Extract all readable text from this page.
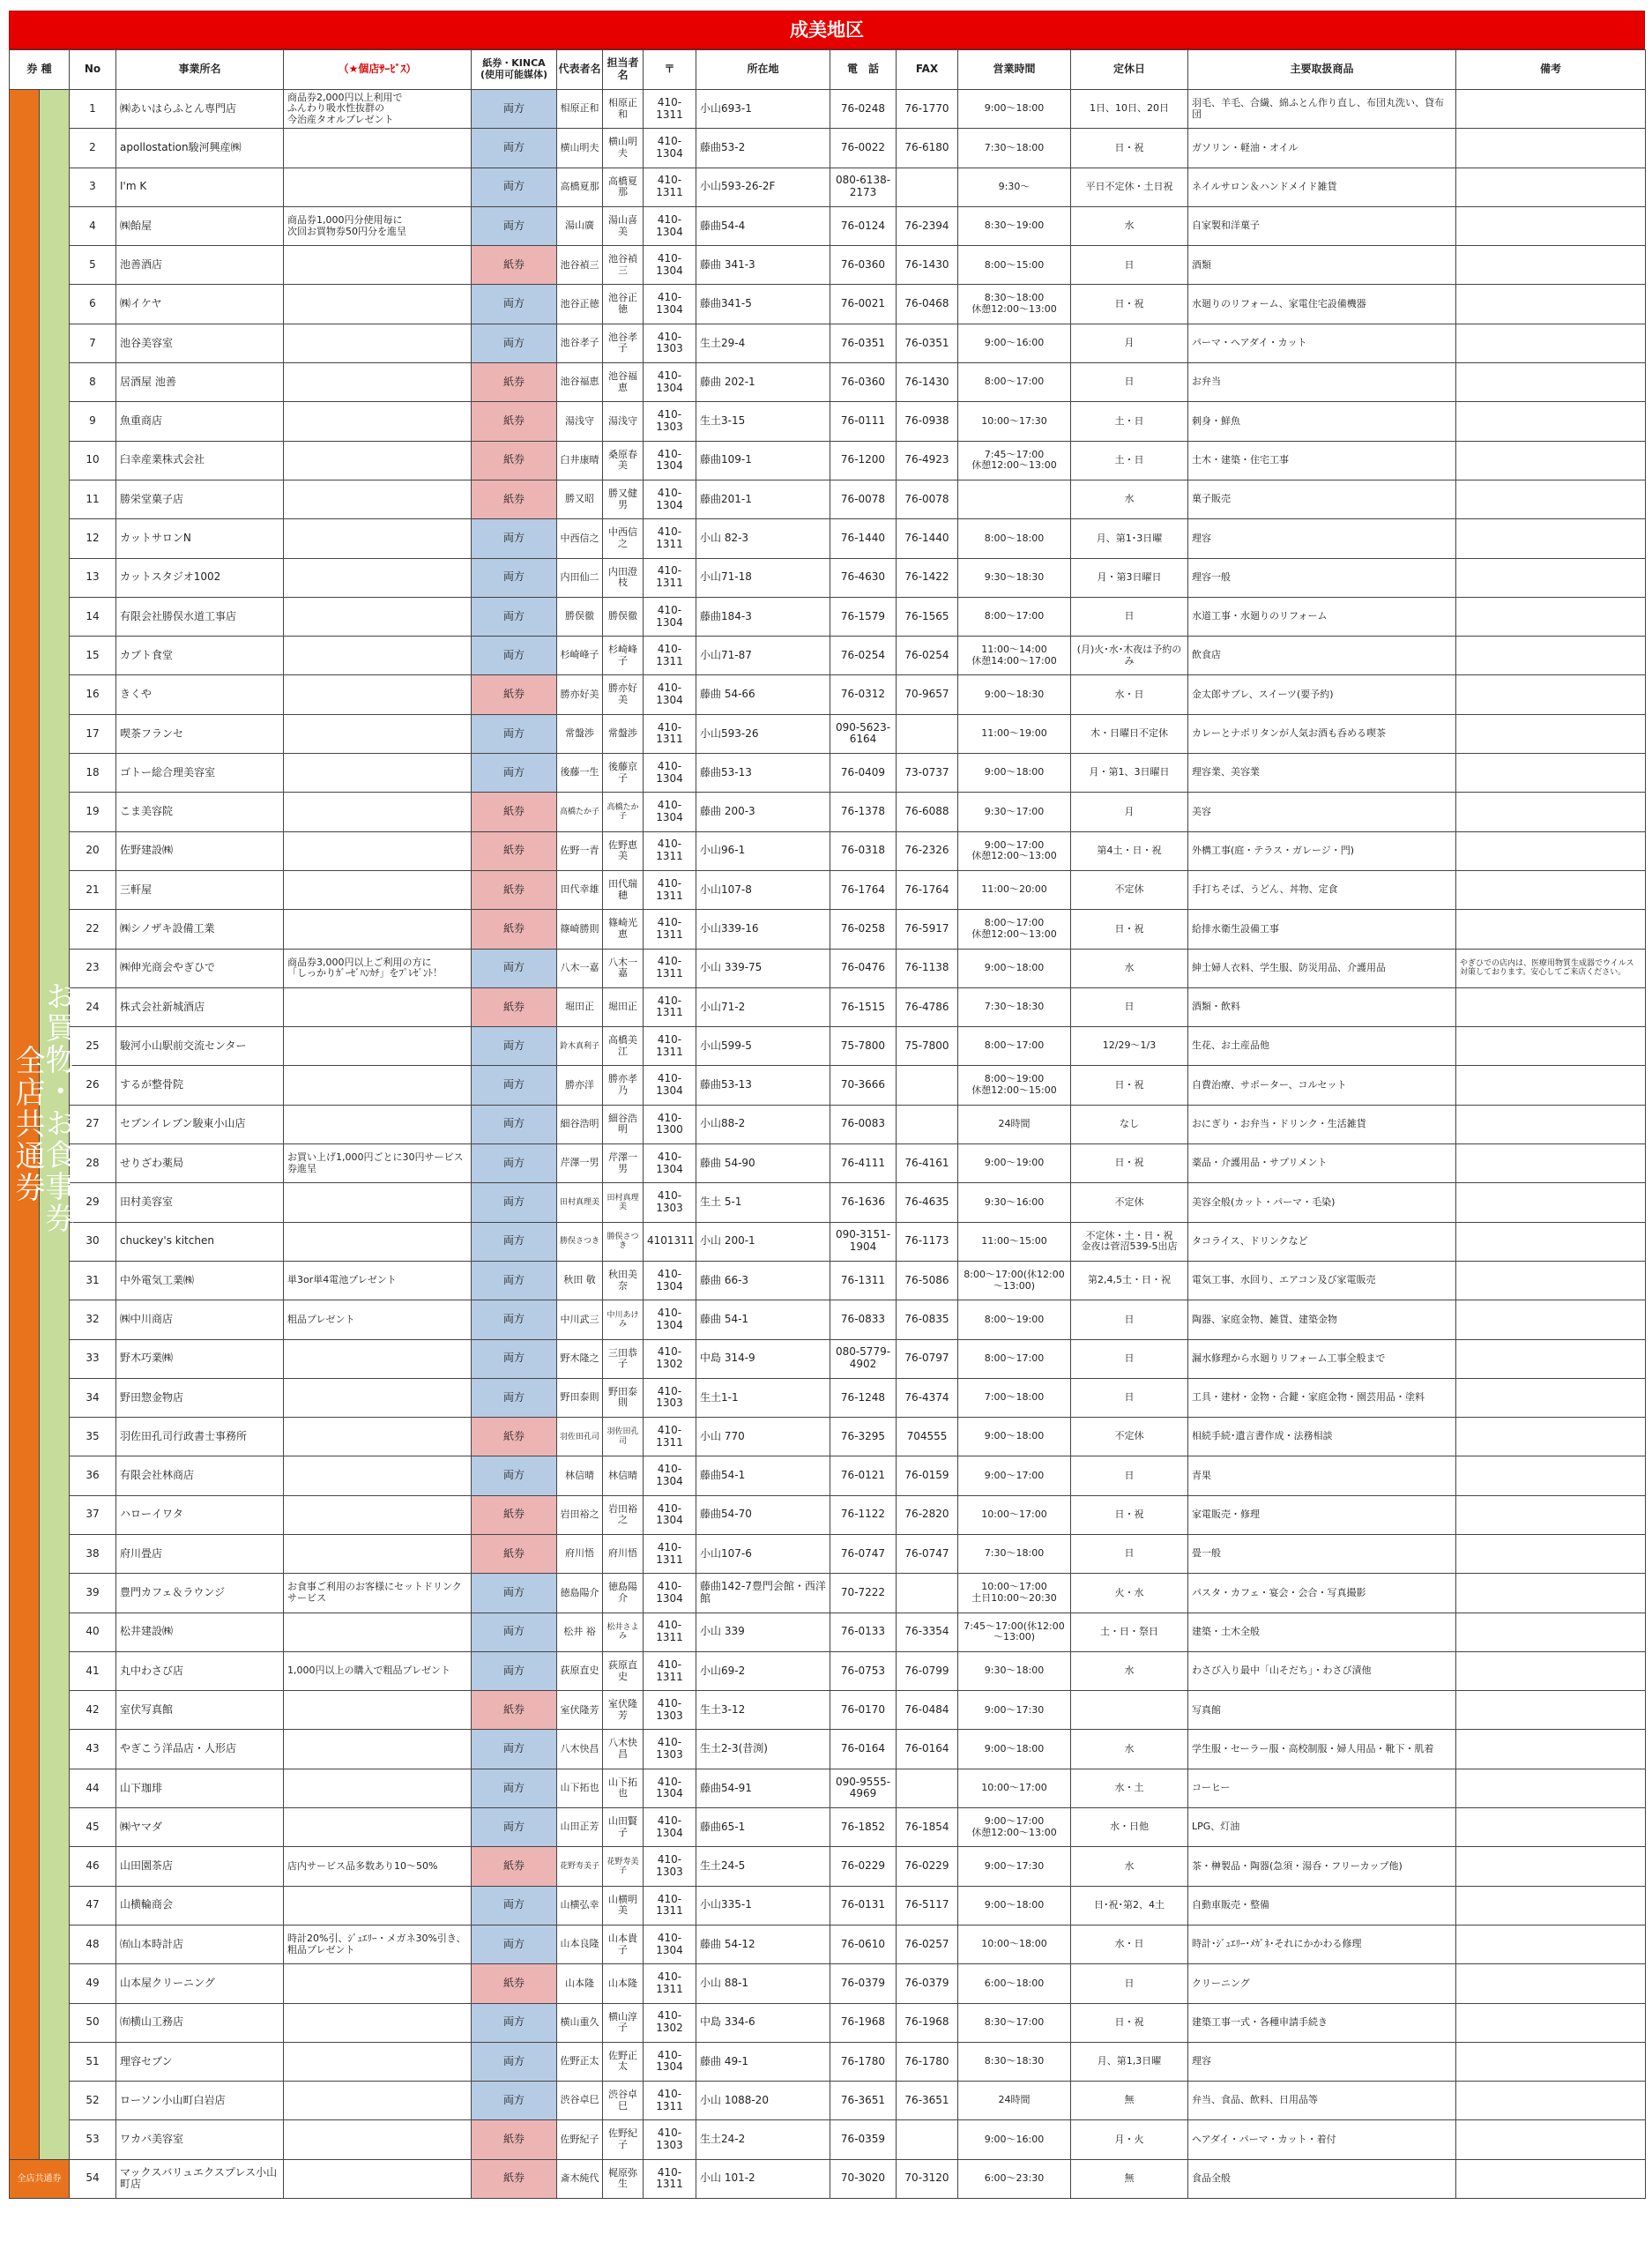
成美地区
券 種		No	事業所名	（★個店ｻｰﾋﾞｽ）	紙券・KINCA
(使用可能媒体)	代表者名	担当者名	〒	所在地	電　話	FAX	営業時間	定休日	主要取扱商品	備考

全店共通券	お買物・お食事券	1	㈱あいはらふとん専門店	商品券2,000円以上利用で
ふんわり吸水性抜群の
今治産タオルプレゼント	両方	相原正和	相原正和	410-1311	小山693-1	76-0248	76-1770	9:00～18:00	1日、10日、20日	羽毛、羊毛、合繊、綿ふとん作り直し、布団丸洗い、貸布団	
		2	apollostation駿河興産㈱		両方	横山明夫	横山明夫	410-1304	藤曲53-2	76-0022	76-6180	7:30～18:00	日・祝	ガソリン・軽油・オイル	
		3	I'm K		両方	高橋夏那	高橋夏那	410-1311	小山593-26-2F	080-6138-2173		9:30～	平日不定休・土日祝	ネイルサロン＆ハンドメイド雑貨	
		4	㈱飴屋	商品券1,000円分使用毎に
次回お買物券50円分を進呈	両方	湯山廣	湯山喜美	410-1304	藤曲54-4	76-0124	76-2394	8:30～19:00	水	自家製和洋菓子	
		5	池善酒店		紙券	池谷禎三	池谷禎三	410-1304	藤曲 341-3	76-0360	76-1430	8:00～15:00	日	酒類	
		6	㈱イケヤ		両方	池谷正徳	池谷正徳	410-1304	藤曲341-5	76-0021	76-0468	8:30～18:00
休憩12:00～13:00	日・祝	水廻りのリフォーム、家電住宅設備機器	
		7	池谷美容室		両方	池谷孝子	池谷孝子	410-1303	生土29-4	76-0351	76-0351	9:00～16:00	月	パーマ・ヘアダイ・カット	
		8	居酒屋 池善		紙券	池谷福恵	池谷福恵	410-1304	藤曲 202-1	76-0360	76-1430	8:00～17:00	日	お弁当	
		9	魚重商店		紙券	湯浅守	湯浅守	410-1303	生土3-15	76-0111	76-0938	10:00～17:30	土・日	刺身・鮮魚	
		10	臼幸産業株式会社		紙券	臼井康晴	桑原春美	410-1304	藤曲109-1	76-1200	76-4923	7:45～17:00
休憩12:00～13:00	土・日	土木・建築・住宅工事	
		11	勝栄堂菓子店		紙券	勝又昭	勝又健男	410-1304	藤曲201-1	76-0078	76-0078		水	菓子販売	
		12	カットサロンN		両方	中西信之	中西信之	410-1311	小山 82-3	76-1440	76-1440	8:00～18:00	月、第1･3日曜	理容	
		13	カットスタジオ1002		両方	内田仙二	内田澄枝	410-1311	小山71-18	76-4630	76-1422	9:30～18:30	月・第3日曜日	理容一般	
		14	有限会社勝俣水道工事店		両方	勝俣徹	勝俣徹	410-1304	藤曲184-3	76-1579	76-1565	8:00～17:00	日	水道工事・水廻りのリフォーム	
		15	カブト食堂		両方	杉崎峰子	杉崎峰子	410-1311	小山71-87	76-0254	76-0254	11:00～14:00
休憩14:00～17:00	(月)火･水･木夜は予約のみ	飲食店	
		16	きくや		紙券	勝亦好美	勝亦好美	410-1304	藤曲 54-66	76-0312	70-9657	9:00～18:30	水・日	金太郎サブレ、スイーツ(要予約)	
		17	喫茶フランセ		両方	常盤渉	常盤渉	410-1311	小山593-26	090-5623-6164		11:00～19:00	木・日曜日不定休	カレーとナポリタンが人気お酒も呑める喫茶	
		18	ゴトー総合理美容室		両方	後藤一生	後藤京子	410-1304	藤曲53-13	76-0409	73-0737	9:00～18:00	月・第1、3日曜日	理容業、美容業	
		19	こま美容院		紙券	高橋たか子	高橋たか子	410-1304	藤曲 200-3	76-1378	76-6088	9:30～17:00	月	美容	
		20	佐野建設㈱		紙券	佐野一青	佐野恵美	410-1311	小山96-1	76-0318	76-2326	9:00～17:00
休憩12:00～13:00	第4土・日・祝	外構工事(庭・テラス・ガレージ・門)	
		21	三軒屋		紙券	田代幸雄	田代瑞穂	410-1311	小山107-8	76-1764	76-1764	11:00～20:00	不定休	手打ちそば、うどん、丼物、定食	
		22	㈱シノザキ設備工業		紙券	篠崎勝則	篠崎光恵	410-1311	小山339-16	76-0258	76-5917	8:00～17:00
休憩12:00～13:00	日・祝	給排水衛生設備工事	
		23	㈱伸光商会やぎひで	商品券3,000円以上ご利用の方に
「しっかりｶﾞｰｾﾞﾊﾝｶﾁ」をﾌﾟﾚｾﾞﾝﾄ！	両方	八木一嘉	八木一嘉	410-1311	小山 339-75	76-0476	76-1138	9:00～18:00	水	紳士婦人衣料、学生服、防災用品、介護用品	やぎひでの店内は、医療用物質生成器でウイルス対策しております。安心してご来店ください。
		24	株式会社新城酒店		紙券	堀田正	堀田正	410-1311	小山71-2	76-1515	76-4786	7:30～18:30	日	酒類・飲料	
		25	駿河小山駅前交流センター		両方	鈴木真利子	高橋美江	410-1311	小山599-5	75-7800	75-7800	8:00～17:00	12/29～1/3	生花、お土産品他	
		26	するが整骨院		両方	勝亦洋	勝亦孝乃	410-1304	藤曲53-13	70-3666		8:00～19:00
休憩12:00～15:00	日・祝	自費治療、サポーター、コルセット	
		27	セブンイレブン駿東小山店		両方	細谷浩明	細谷浩明	410-1300	小山88-2	76-0083		24時間	なし	おにぎり・お弁当・ドリンク・生活雑貨	
		28	せりざわ薬局	お買い上げ1,000円ごとに30円サービス券進呈	両方	芹澤一男	芹澤一男	410-1304	藤曲 54-90	76-4111	76-4161	9:00～19:00	日・祝	薬品・介護用品・サプリメント	
		29	田村美容室		両方	田村真理美	田村真理美	410-1303	生土 5-1	76-1636	76-4635	9:30～16:00	不定休	美容全般(カット・パーマ・毛染)	
		30	chuckey's kitchen		両方	勝俣さつき	勝俣さつき	4101311	小山 200-1	090-3151-1904	76-1173	11:00～15:00	不定休・土・日・祝
金夜は菅沼539-5出店	タコライス、ドリンクなど	
		31	中外電気工業㈱	単3or単4電池プレゼント	両方	秋田 敬	秋田美奈	410-1304	藤曲 66-3	76-1311	76-5086	8:00～17:00(休12:00～13:00)	第2,4,5土・日・祝	電気工事、水回り、エアコン及び家電販売	
		32	㈱中川商店	粗品プレゼント	両方	中川武三	中川あけみ	410-1304	藤曲 54-1	76-0833	76-0835	8:00～19:00	日	陶器、家庭金物、雑貨、建築金物	
		33	野木巧業㈱		両方	野木隆之	三田恭子	410-1302	中島 314-9	080-5779-4902	76-0797	8:00～17:00	日	漏水修理から水廻りリフォーム工事全般まで	
		34	野田惣金物店		両方	野田泰則	野田泰則	410-1303	生土1-1	76-1248	76-4374	7:00～18:00	日	工具・建材・金物・合鍵・家庭金物・園芸用品・塗料	
		35	羽佐田孔司行政書士事務所		紙券	羽佐田孔司	羽佐田孔司	410-1311	小山 770	76-3295	704555	9:00～18:00	不定休	相続手続･遺言書作成・法務相談	
		36	有限会社林商店		両方	林信晴	林信晴	410-1304	藤曲54-1	76-0121	76-0159	9:00～17:00	日	青果	
		37	ハローイワタ		紙券	岩田裕之	岩田裕之	410-1304	藤曲54-70	76-1122	76-2820	10:00～17:00	日・祝	家電販売・修理	
		38	府川畳店		紙券	府川悟	府川悟	410-1311	小山107-6	76-0747	76-0747	7:30～18:00	日	畳一般	
		39	豊門カフェ＆ラウンジ	お食事ご利用のお客様にセットドリンクサービス	両方	徳島陽介	徳島陽介	410-1304	藤曲142-7豊門会館・西洋館	70-7222		10:00～17:00
土日10:00～20:30	火・水	パスタ・カフェ・宴会・会合・写真撮影	
		40	松井建設㈱		両方	松井 裕	松井さよみ	410-1311	小山 339	76-0133	76-3354	7:45～17:00(休12:00～13:00)	土・日・祭日	建築・土木全般	
		41	丸中わさび店	1,000円以上の購入で粗品プレゼント	両方	荻原直史	荻原直史	410-1311	小山69-2	76-0753	76-0799	9:30～18:00	水	わさび入り最中「山そだち」・わさび漬他	
		42	室伏写真館		紙券	室伏隆芳	室伏隆芳	410-1303	生土3-12	76-0170	76-0484	9:00～17:30		写真館	
		43	やぎこう洋品店・人形店		両方	八木快昌	八木快昌	410-1303	生土2-3(昔渕)	76-0164	76-0164	9:00～18:00	水	学生服・セーラー服・高校制服・婦人用品・靴下・肌着	
		44	山下珈琲		両方	山下拓也	山下拓也	410-1304	藤曲54-91	090-9555-4969		10:00～17:00	水・土	コーヒー	
		45	㈱ヤマダ		両方	山田正芳	山田賢子	410-1304	藤曲65-1	76-1852	76-1854	9:00～17:00
休憩12:00～13:00	水・日他	LPG、灯油	
		46	山田園茶店	店内サービス品多数あり10～50%	紙券	花野寿美子	花野寿美子	410-1303	生土24-5	76-0229	76-0229	9:00～17:30	水	茶・榊製品・陶器(急須・湯呑・フリーカップ他)	
		47	山横輪商会		両方	山横弘幸	山横明美	410-1311	小山335-1	76-0131	76-5117	9:00～18:00	日･祝･第2、4土	自動車販売・整備	
		48	㈲山本時計店	時計20%引、ｼﾞｭｴﾘｰ・メガネ30%引き、粗品プレゼント	両方	山本良隆	山本貴子	410-1304	藤曲 54-12	76-0610	76-0257	10:00～18:00	水・日	時計･ｼﾞｭｴﾘｰ･ﾒｶﾞﾈ･それにかかわる修理	
		49	山本屋クリーニング		紙券	山本隆	山本隆	410-1311	小山 88-1	76-0379	76-0379	6:00～18:00	日	クリーニング	
		50	㈲横山工務店		両方	横山重久	横山淳子	410-1302	中島 334-6	76-1968	76-1968	8:30～17:00	日・祝	建築工事一式・各種申請手続き	
		51	理容セブン		両方	佐野正太	佐野正太	410-1304	藤曲 49-1	76-1780	76-1780	8:30～18:30	月、第1,3日曜	理容	
		52	ローソン小山町白岩店		両方	渋谷卓巳	渋谷卓巳	410-1311	小山 1088-20	76-3651	76-3651	24時間	無	弁当、食品、飲料、日用品等	
		53	ワカバ美容室		紙券	佐野紀子	佐野紀子	410-1303	生土24-2	76-0359		9:00～16:00	月・火	ヘアダイ・パーマ・カット・着付	
全店共通券		54	マックスバリュエクスプレス小山町店		紙券	斎木純代	梶原弥生	410-1311	小山 101-2	70-3020	70-3120	6:00～23:30	無	食品全般	
